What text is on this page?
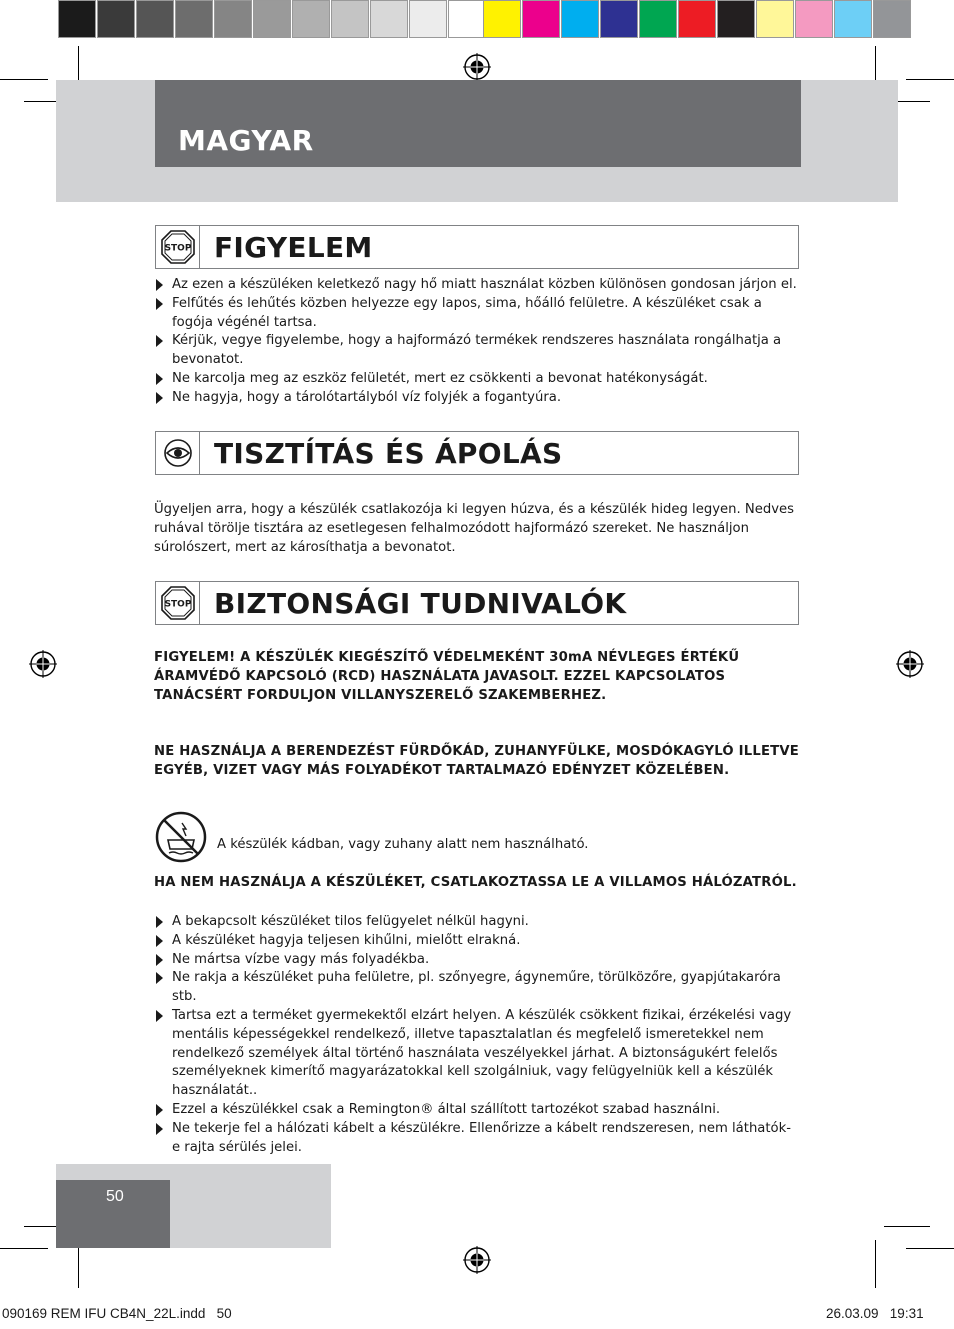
MAGYAR
STOP FIGYELEM
Az ezen a készüléken keletkező nagy hő miatt használat közben különösen gondosan járjon el.
Felfűtés és lehűtés közben helyezze egy lapos, sima, hőálló felületre. A készüléket csak a fogója végénél tartsa.
Kérjük, vegye figyelembe, hogy a hajformázó termékek rendszeres használata rongálhatja a bevonatot.
Ne karcolja meg az eszköz felületét, mert ez csökkenti a bevonat hatékonyságát.
Ne hagyja, hogy a tárolótartályból víz folyjék a fogantyúra.
TISZTÍTÁS ÉS ÁPOLÁS

Ügyeljen arra, hogy a készülék csatlakozója ki legyen húzva, és a készülék hideg legyen. Nedves ruhával törölje tisztára az esetlegesen felhalmozódott hajformázó szereket. Ne használjon súrolószert, mert az károsíthatja a bevonatot.

STOP BIZTONSÁGI TUDNIVALÓK

FIGYELEM! A KÉSZÜLÉK KIEGÉSZÍTŐ VÉDELMEKÉNT 30mA NÉVLEGES ÉRTÉKŰ ÁRAMVÉDŐ KAPCSOLÓ (RCD) HASZNÁLATA JAVASOLT. EZZEL KAPCSOLATOS TANÁCSÉRT FORDULJON VILLANYSZERELŐ SZAKEMBERHEZ.

NE HASZNÁLJA A BERENDEZÉST FÜRDŐKÁD, ZUHANYFÜLKE, MOSDÓKAGYLÓ ILLETVE EGYÉB, VIZET VAGY MÁS FOLYADÉKOT TARTALMAZÓ EDÉNYZET KÖZELÉBEN.

A készülék kádban, vagy zuhany alatt nem használható.

HA NEM HASZNÁLJA A KÉSZÜLÉKET, CSATLAKOZTASSA LE A VILLAMOS HÁLÓZATRÓL.

A bekapcsolt készüléket tilos felügyelet nélkül hagyni.
A készüléket hagyja teljesen kihűlni, mielőtt elrakná.
Ne mártsa vízbe vagy más folyadékba.
Ne rakja a készüléket puha felületre, pl. szőnyegre, ágyneműre, törülközőre, gyapjútakaróra stb.
Tartsa ezt a terméket gyermekektől elzárt helyen. A készülék csökkent fizikai, érzékelési vagy mentális képességekkel rendelkező, illetve tapasztalatlan és megfelelő ismeretekkel nem rendelkező személyek által történő használata veszélyekkel járhat. A biztonságukért felelős személyeknek kimerítő magyarázatokkal kell szolgálniuk, vagy felügyelniük kell a készülék használatát..
Ezzel a készülékkel csak a Remington® által szállított tartozékot szabad használni.
Ne tekerje fel a hálózati kábelt a készülékre. Ellenőrizze a kábelt rendszeresen, nem láthatók-e rajta sérülés jelei.
50
090169 REM IFU CB4N_22L.indd   50	26.03.09   19:31
